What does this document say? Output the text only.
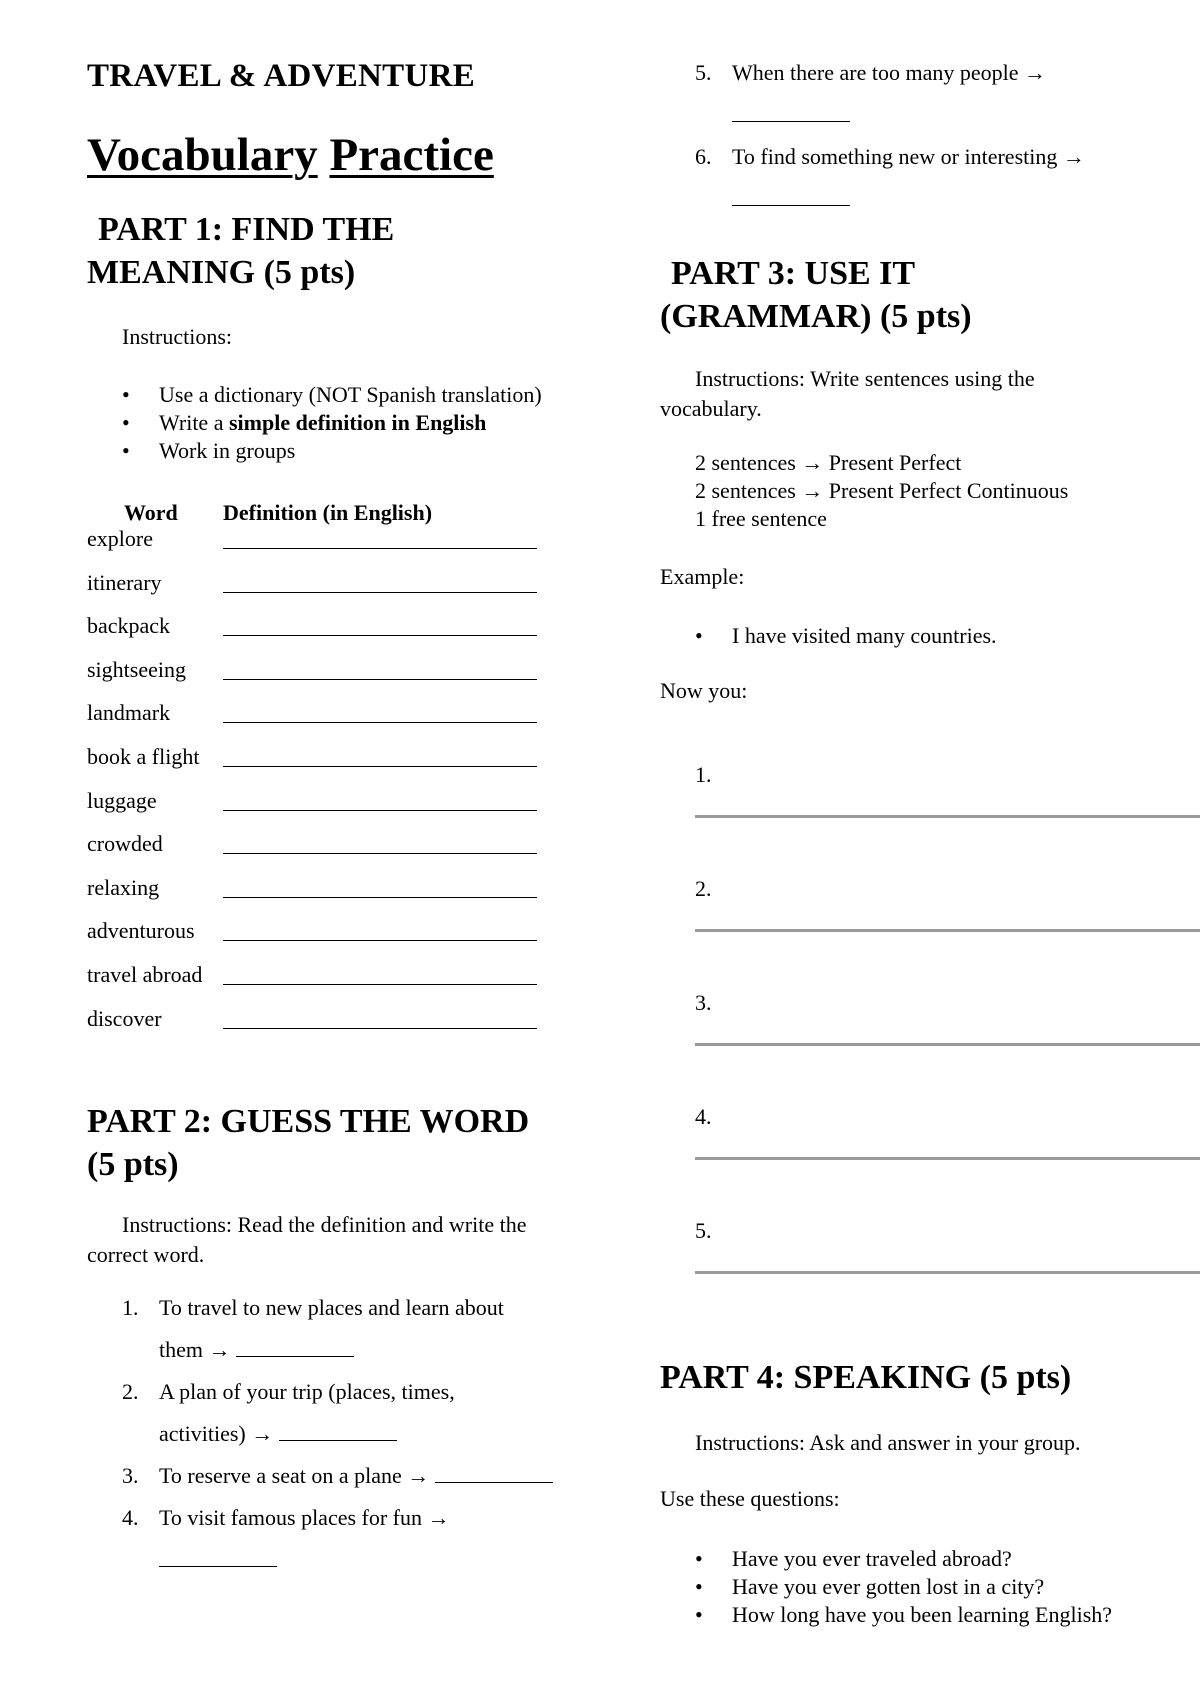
TRAVEL & ADVENTURE
Vocabulary Practice
PART 1: FIND THE
MEANING (5 pts)

Instructions:

• Use a dictionary (NOT Spanish translation)
• Write a simple definition in English
• Work in groups
Word	Definition (in English)
explore
itinerary
backpack
sightseeing
landmark
book a flight
luggage
crowded
relaxing
adventurous
travel abroad
discover
PART 2: GUESS THE WORD
(5 pts)

Instructions: Read the definition and write the
correct word.

1. To travel to new places and learn about
them →
2. A plan of your trip (places, times,
activities) →
3. To reserve a seat on a plane →
4. To visit famous places for fun →

5. When there are too many people →

6. To find something new or interesting →

PART 3: USE IT
(GRAMMAR) (5 pts)

Instructions: Write sentences using the
vocabulary.

2 sentences → Present Perfect
2 sentences → Present Perfect Continuous
1 free sentence

Example:

• I have visited many countries.

Now you:

1.
2.
3.
4.
5.
PART 4: SPEAKING (5 pts)

Instructions: Ask and answer in your group.

Use these questions:

• Have you ever traveled abroad?
• Have you ever gotten lost in a city?
• How long have you been learning English?
